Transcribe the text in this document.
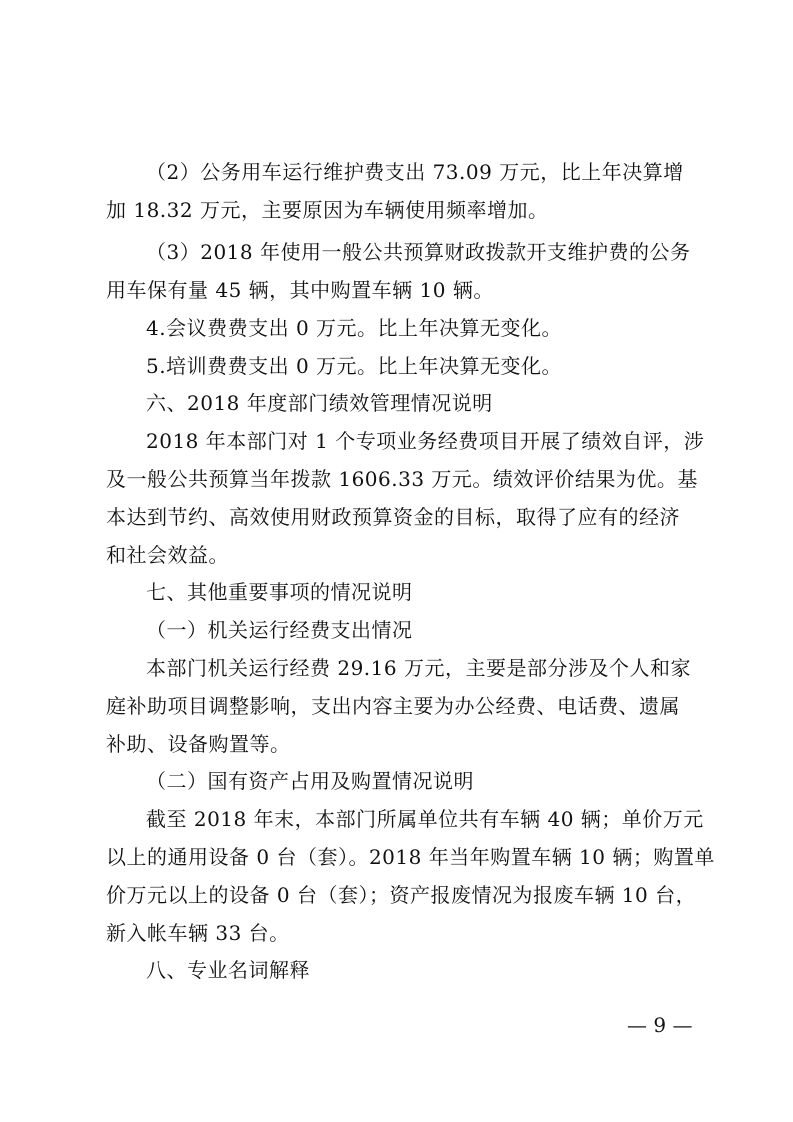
（2）公务用车运行维护费支出 73.09 万元，比上年决算增
加 18.32 万元，主要原因为车辆使用频率增加。
（3）2018 年使用一般公共预算财政拨款开支维护费的公务
用车保有量 45 辆，其中购置车辆 10 辆。
4.会议费费支出 0 万元。比上年决算无变化。
5.培训费费支出 0 万元。比上年决算无变化。
六、2018 年度部门绩效管理情况说明
2018 年本部门对 1 个专项业务经费项目开展了绩效自评，涉
及一般公共预算当年拨款 1606.33 万元。绩效评价结果为优。基
本达到节约、高效使用财政预算资金的目标，取得了应有的经济
和社会效益。
七、其他重要事项的情况说明
（一）机关运行经费支出情况
本部门机关运行经费 29.16 万元，主要是部分涉及个人和家
庭补助项目调整影响，支出内容主要为办公经费、电话费、遗属
补助、设备购置等。
（二）国有资产占用及购置情况说明
截至 2018 年末，本部门所属单位共有车辆 40 辆；单价万元
以上的通用设备 0 台（套）。2018 年当年购置车辆 10 辆；购置单
价万元以上的设备 0 台（套）；资产报废情况为报废车辆 10 台，
新入帐车辆 33 台。
八、专业名词解释
— 9 —
